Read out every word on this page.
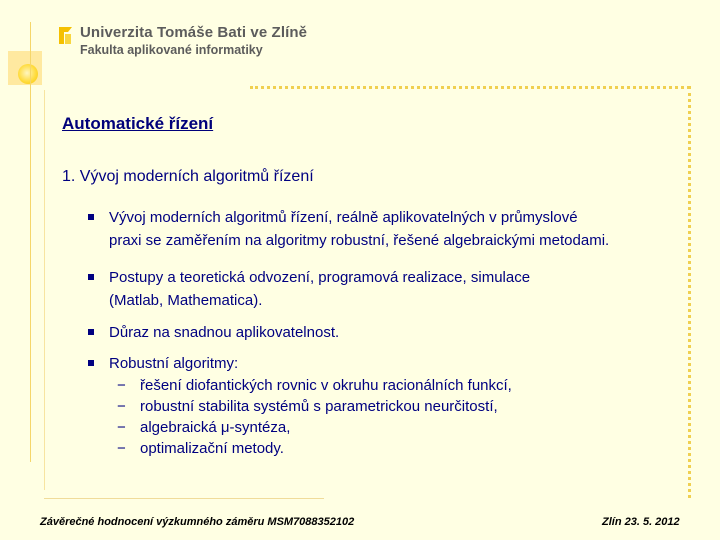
Univerzita Tomáše Bati ve Zlíně
Fakulta aplikované informatiky
Automatické řízení
1. Vývoj moderních algoritmů řízení
Vývoj moderních algoritmů řízení, reálně aplikovatelných v průmyslové
praxi se zaměřením na algoritmy robustní, řešené algebraickými metodami.
Postupy a teoretická odvození, programová realizace, simulace
(Matlab, Mathematica).
Důraz na snadnou aplikovatelnost.
Robustní algoritmy:
− řešení diofantických rovnic v okruhu racionálních funkcí,
− robustní stabilita systémů s parametrickou neurčitostí,
− algebraická μ-syntéza,
− optimalizační metody.
Závěrečné hodnocení výzkumného záměru MSM7088352102	Zlín 23. 5. 2012
